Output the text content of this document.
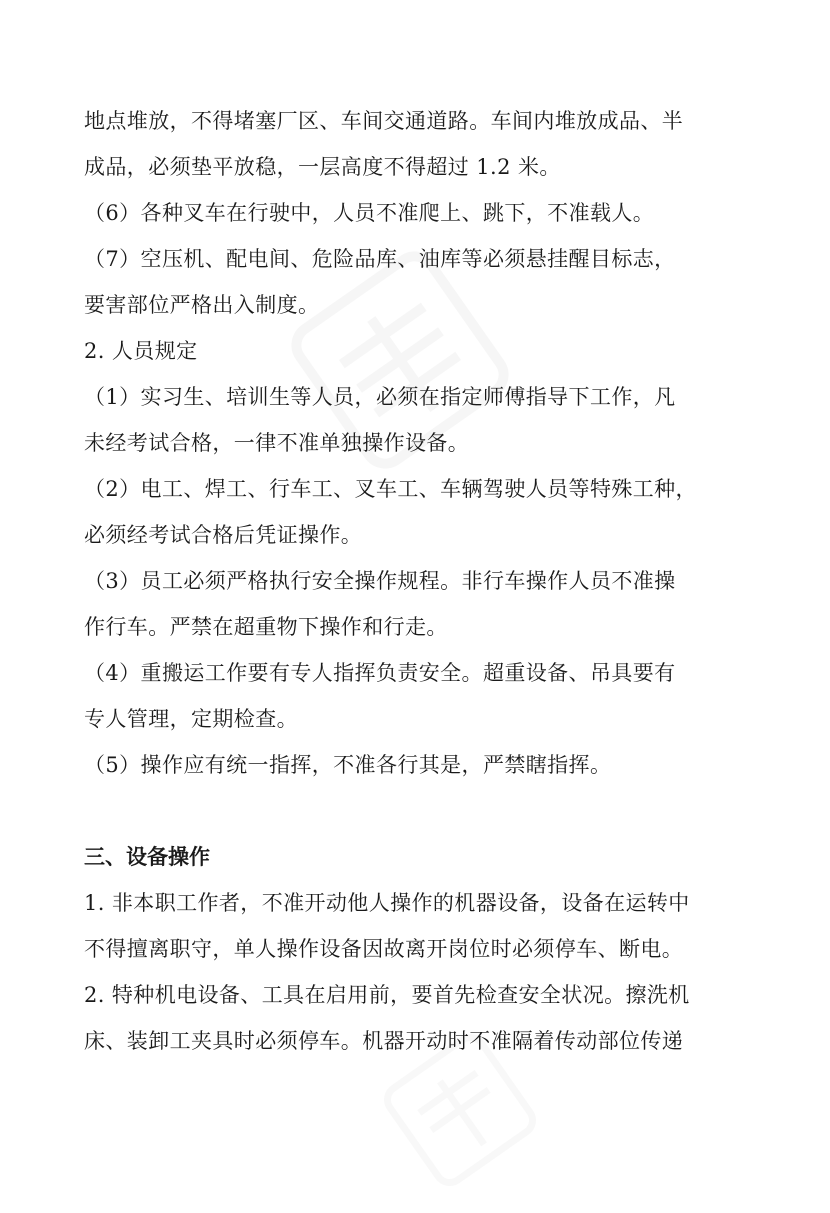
地点堆放，不得堵塞厂区、车间交通道路。车间内堆放成品、半
成品，必须垫平放稳，一层高度不得超过 1.2 米。
（6）各种叉车在行驶中，人员不准爬上、跳下，不准载人。
（7）空压机、配电间、危险品库、油库等必须悬挂醒目标志，
要害部位严格出入制度。
2. 人员规定
（1）实习生、培训生等人员，必须在指定师傅指导下工作，凡
未经考试合格，一律不准单独操作设备。
（2）电工、焊工、行车工、叉车工、车辆驾驶人员等特殊工种，
必须经考试合格后凭证操作。
（3）员工必须严格执行安全操作规程。非行车操作人员不准操
作行车。严禁在超重物下操作和行走。
（4）重搬运工作要有专人指挥负责安全。超重设备、吊具要有
专人管理，定期检查。
（5）操作应有统一指挥，不准各行其是，严禁瞎指挥。
三、设备操作
1. 非本职工作者，不准开动他人操作的机器设备，设备在运转中
不得擅离职守，单人操作设备因故离开岗位时必须停车、断电。
2. 特种机电设备、工具在启用前，要首先检查安全状况。擦洗机
床、装卸工夹具时必须停车。机器开动时不准隔着传动部位传递
